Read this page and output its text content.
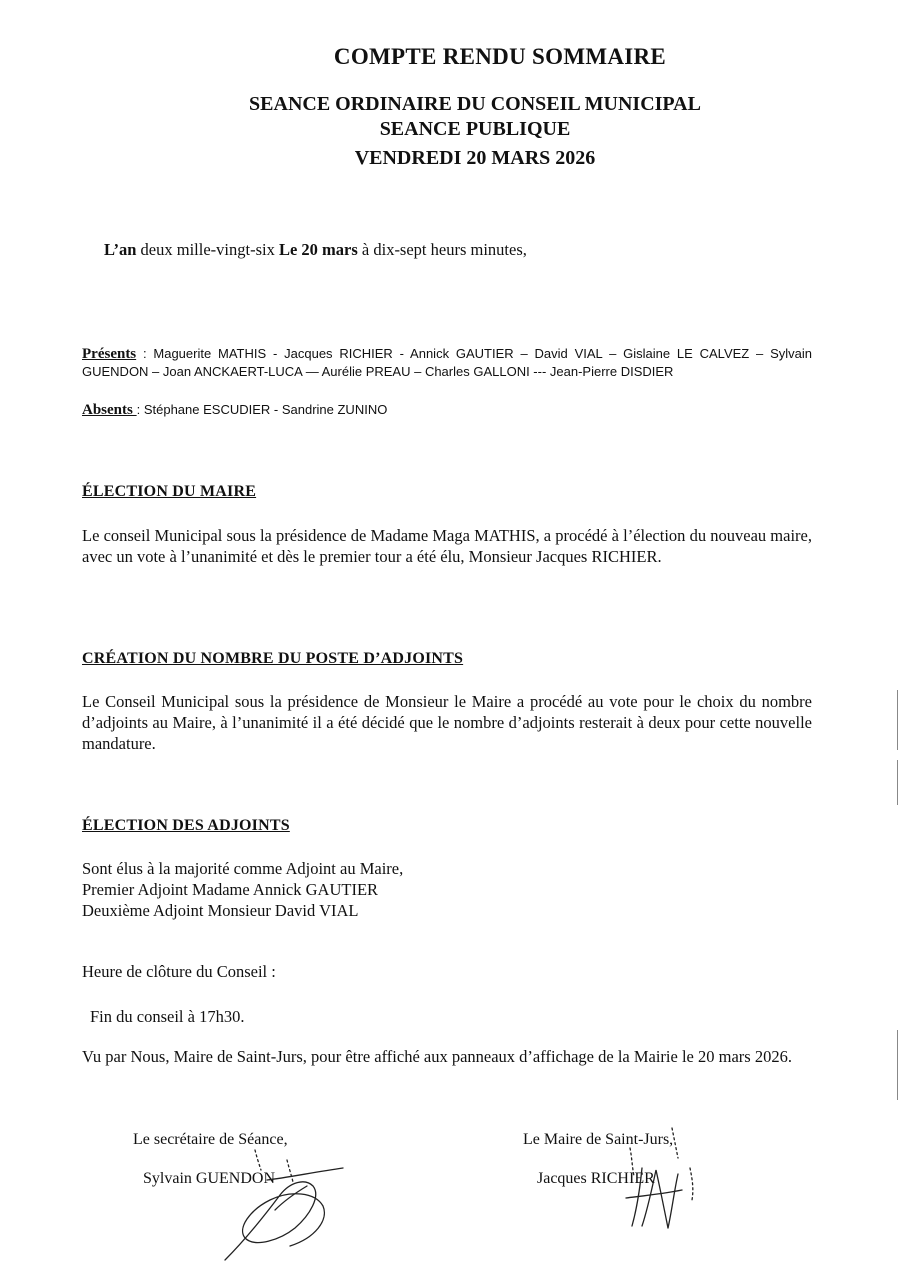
COMPTE RENDU SOMMAIRE
SEANCE ORDINAIRE DU CONSEIL MUNICIPAL
SEANCE PUBLIQUE
VENDREDI 20 MARS 2026
L’an deux mille-vingt-six Le 20 mars à dix-sept heurs minutes,
Présents : Maguerite MATHIS - Jacques RICHIER - Annick GAUTIER – David VIAL – Gislaine LE CALVEZ – Sylvain GUENDON – Joan ANCKAERT-LUCA — Aurélie PREAU – Charles GALLONI --- Jean-Pierre DISDIER
Absents : Stéphane ESCUDIER - Sandrine ZUNINO
ÉLECTION DU MAIRE
Le conseil Municipal sous la présidence de Madame Maga MATHIS, a procédé à l’élection du nouveau maire, avec un vote à l’unanimité et dès le premier tour a été élu, Monsieur Jacques RICHIER.
CRÉATION DU NOMBRE DU POSTE D’ADJOINTS
Le Conseil Municipal sous la présidence de Monsieur le Maire a procédé au vote pour le choix du nombre d’adjoints au Maire, à l’unanimité il a été décidé que le nombre d’adjoints resterait à deux pour cette nouvelle mandature.
ÉLECTION DES ADJOINTS
Sont élus à la majorité comme Adjoint au Maire,
Premier Adjoint Madame Annick GAUTIER
Deuxième Adjoint Monsieur David VIAL
Heure de clôture du Conseil :
Fin du conseil à 17h30.
Vu par Nous, Maire de Saint-Jurs, pour être affiché aux panneaux d’affichage de la Mairie le 20 mars 2026.
Le secrétaire de Séance,
Sylvain GUENDON
Le Maire de Saint-Jurs,
Jacques RICHIER
